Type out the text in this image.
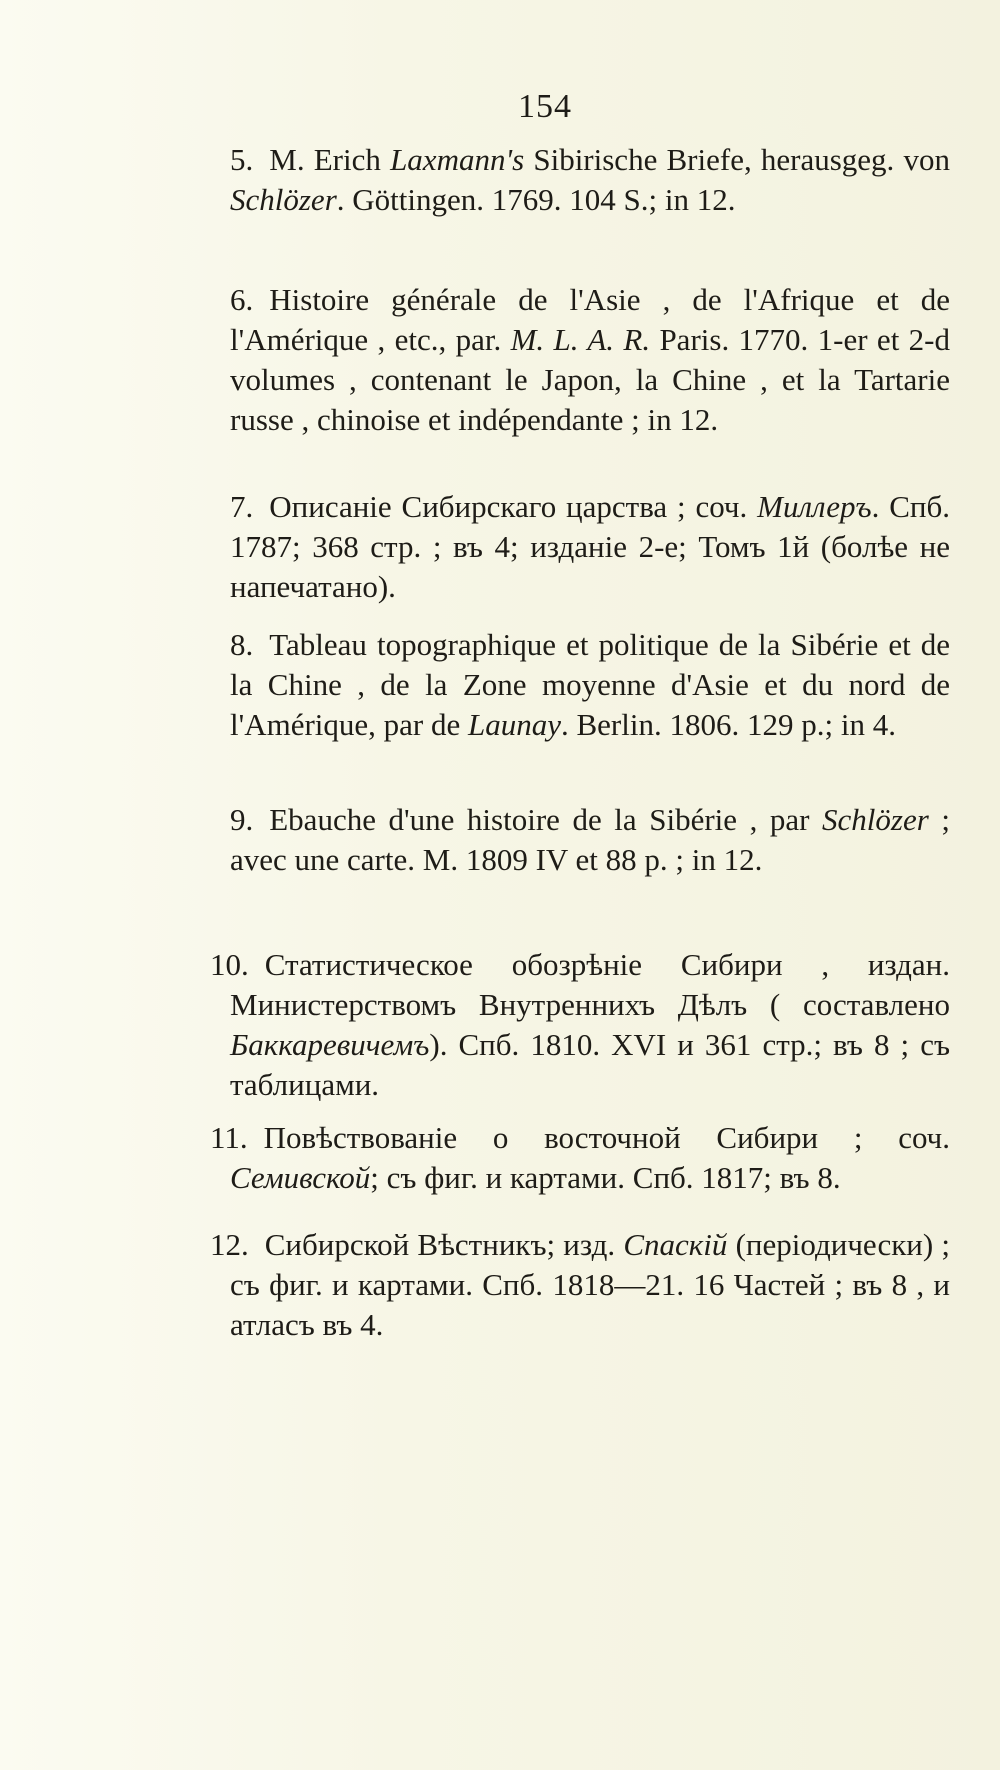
154
5. M. Erich Laxmann's Sibirische Briefe, herausgeg. von Schlözer. Göttingen. 1769. 104 S.; in 12.
6. Histoire générale de l'Asie , de l'Afrique et de l'Amérique , etc., par. M. L. A. R. Paris. 1770. 1-er et 2-d volumes , contenant le Japon, la Chine , et la Tartarie russe , chinoise et indépendante ; in 12.
7. Описаніе Сибирскаго царства ; соч. Миллеръ. Спб. 1787; 368 стр. ; въ 4; изданіе 2-е; Томъ 1й (болѣе не напечатано).
8. Tableau topographique et politique de la Sibérie et de la Chine , de la Zone moyenne d'Asie et du nord de l'Amérique, par de Launay. Berlin. 1806. 129 p.; in 4.
9. Ebauche d'une histoire de la Sibérie , par Schlözer ; avec une carte. M. 1809 IV et 88 p. ; in 12.
10. Статистическое обозрѣніе Сибири , издан. Министерствомъ Внутреннихъ Дѣлъ ( составлено Баккаревичемъ). Спб. 1810. XVI и 361 стр.; въ 8 ; съ таблицами.
11. Повѣствованіе о восточной Сибири ; соч. Семивской; съ фиг. и картами. Спб. 1817; въ 8.
12. Сибирской Вѣстникъ; изд. Спаскій (періодически) ; съ фиг. и картами. Спб. 1818—21. 16 Частей ; въ 8 , и атласъ въ 4.
